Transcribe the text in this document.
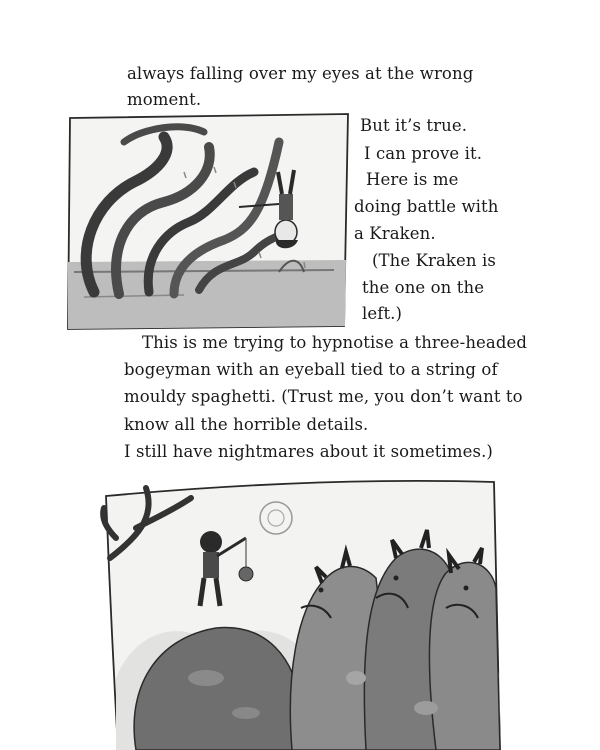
always falling over my eyes at the wrong
moment.
But it’s true.
I can prove it.
Here is me
doing battle with
a Kraken.
(The Kraken is
the one on the
left.)
This is me trying to hypnotise a three-headed
bogeyman with an eyeball tied to a string of
mouldy spaghetti. (Trust me, you don’t want to
know all the horrible details.
I still have nightmares about it sometimes.)
